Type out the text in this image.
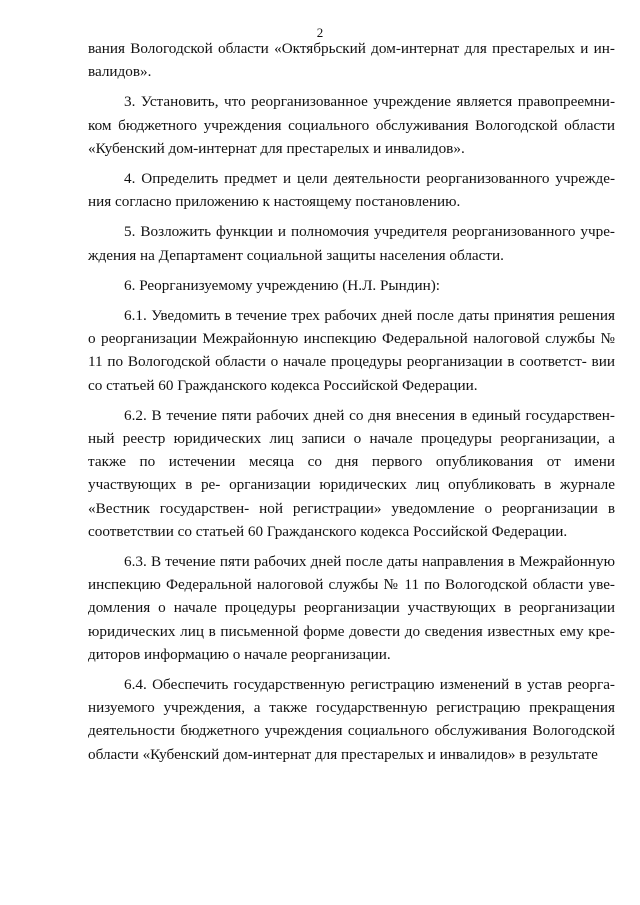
2

вания Вологодской области «Октябрьский дом-интернат для престарелых и ин- валидов».

3. Установить, что реорганизованное учреждение является правопреемни- ком бюджетного учреждения социального обслуживания Вологодской области «Кубенский дом-интернат для престарелых и инвалидов».

4. Определить предмет и цели деятельности реорганизованного учрежде- ния согласно приложению к настоящему постановлению.

5. Возложить функции и полномочия учредителя реорганизованного учре- ждения на Департамент социальной защиты населения области.

6. Реорганизуемому учреждению (Н.Л. Рындин):

6.1. Уведомить в течение трех рабочих дней после даты принятия решения о реорганизации Межрайонную инспекцию Федеральной налоговой службы № 11 по Вологодской области о начале процедуры реорганизации в соответст- вии со статьей 60 Гражданского кодекса Российской Федерации.

6.2. В течение пяти рабочих дней со дня внесения в единый государствен- ный реестр юридических лиц записи о начале процедуры реорганизации, а также по истечении месяца со дня первого опубликования от имени участвующих в ре- организации юридических лиц опубликовать в журнале «Вестник государствен- ной регистрации» уведомление о реорганизации в соответствии со статьей 60 Гражданского кодекса Российской Федерации.

6.3. В течение пяти рабочих дней после даты направления в Межрайонную инспекцию Федеральной налоговой службы № 11 по Вологодской области уве- домления о начале процедуры реорганизации участвующих в реорганизации юридических лиц в письменной форме довести до сведения известных ему кре- диторов информацию о начале реорганизации.

6.4. Обеспечить государственную регистрацию изменений в устав реорга- низуемого учреждения, а также государственную регистрацию прекращения деятельности бюджетного учреждения социального обслуживания Вологодской области «Кубенский дом-интернат для престарелых и инвалидов» в результате
